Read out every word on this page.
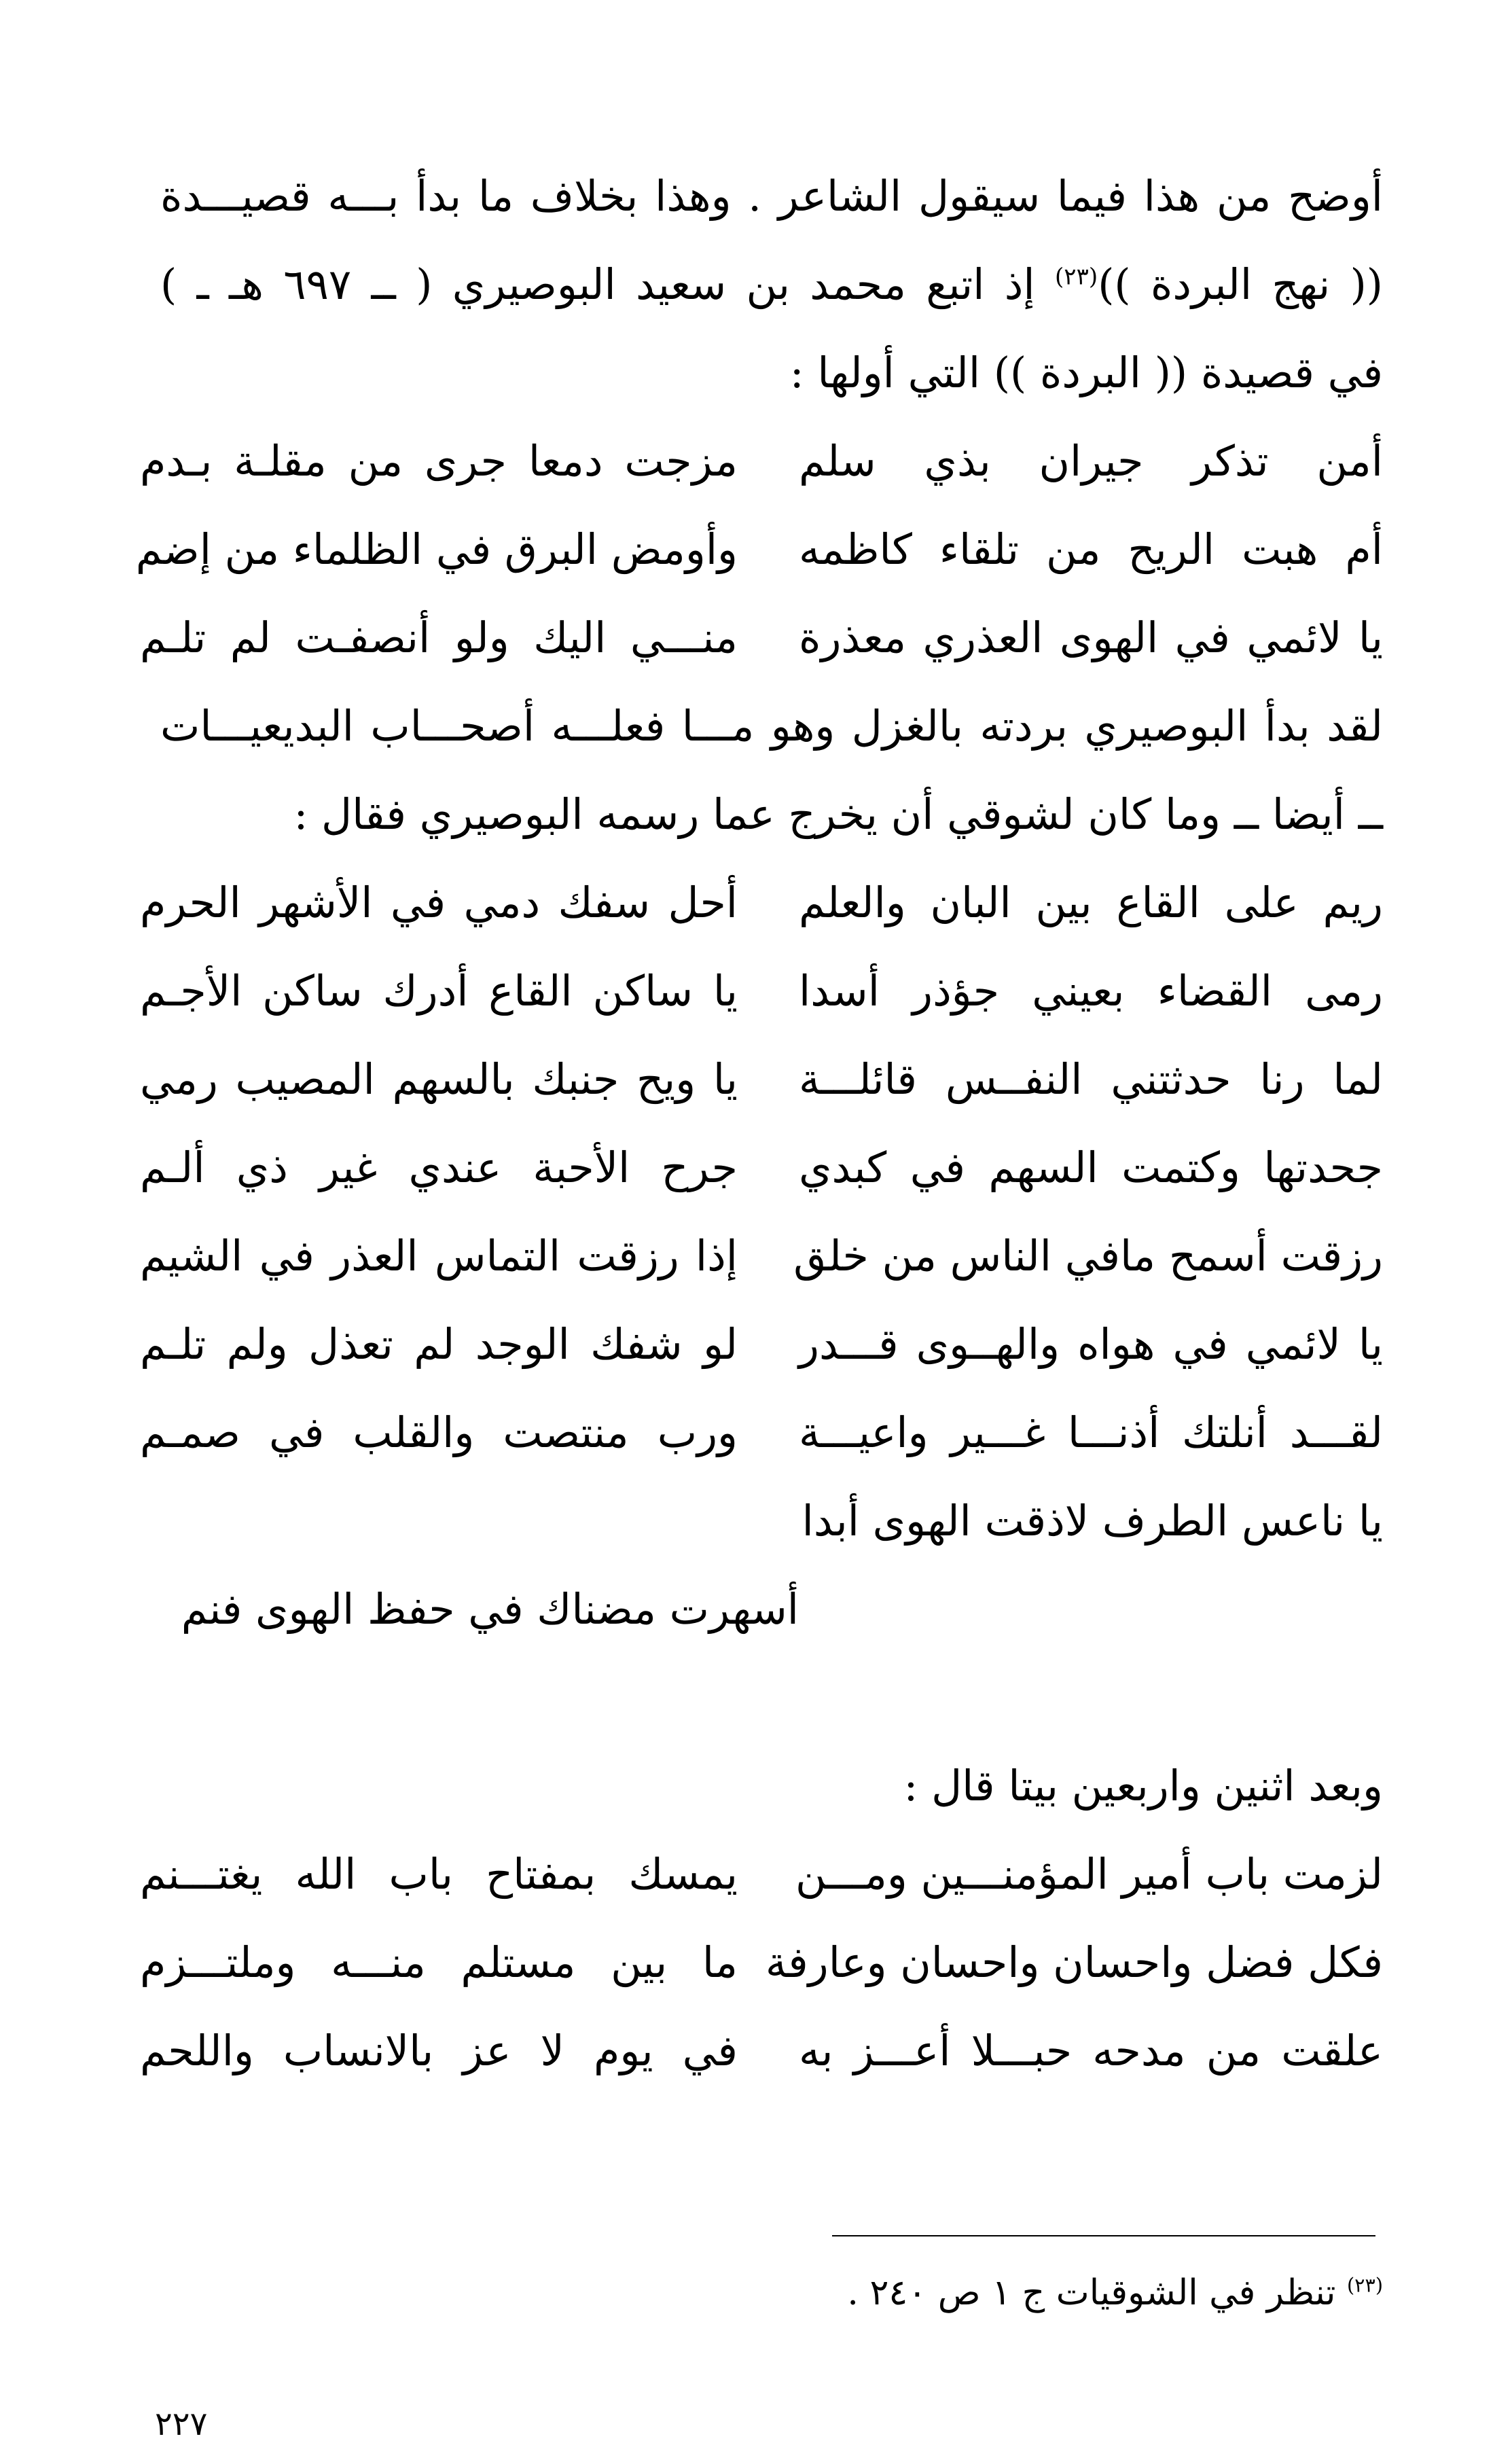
أوضح من هذا فيما سيقول الشاعر . وهذا بخلاف ما بدأ بـــه قصيـــدة
(( نهج البردة ))$^{(٢٣)}$ إذ اتبع محمد بن سعيد البوصيري ( ــ ٦٩٧ هـ ـ )
في قصيدة (( البردة )) التي أولها :
أمن تذكر جيران بذي سلم
مزجت دمعا جرى من مقلـة بـدم
أم هبت الريح من تلقاء كاظمه
وأومض البرق في الظلماء من إضم
يا لائمي في الهوى العذري معذرة
منـــي اليك ولو أنصفـت لم تلـم
لقد بدأ البوصيري بردته بالغزل وهو مـــا فعلـــه أصحـــاب البديعيـــات
ــ أيضا ــ وما كان لشوقي أن يخرج عما رسمه البوصيري فقال :
ريم على القاع بين البان والعلم
أحل سفك دمي في الأشهر الحرم
رمى القضاء بعيني جؤذر أسدا
يا ساكن القاع أدرك ساكن الأجـم
لما رنا حدثتني النفــس قائلـــة
يا ويح جنبك بالسهم المصيب رمي
جحدتها وكتمت السهم في كبدي
جرح الأحبة عندي غير ذي ألـم
رزقت أسمح مافي الناس من خلق
إذا رزقت التماس العذر في الشيم
يا لائمي في هواه والهــوى قـــدر
لو شفك الوجد لم تعذل ولم تلـم
لقـــد أنلتك أذنـــا غـــير واعيـــة
ورب منتصت والقلب في صمـم
يا ناعس الطرف لاذقت الهوى أبدا
أسهرت مضناك في حفظ الهوى فنم
وبعد اثنين واربعين بيتا قال :
لزمت باب أمير المؤمنـــين ومـــن
يمسك بمفتاح باب الله يغتـــنم
فكل فضل واحسان واحسان وعارفة
ما بين مستلم منـــه وملتـــزم
علقت من مدحه حبـــلا أعـــز به
في يوم لا عز بالانساب واللحم
$^{(٢٣)}$ تنظر في الشوقيات ج ١ ص ٢٤٠ .
٢٢٧
